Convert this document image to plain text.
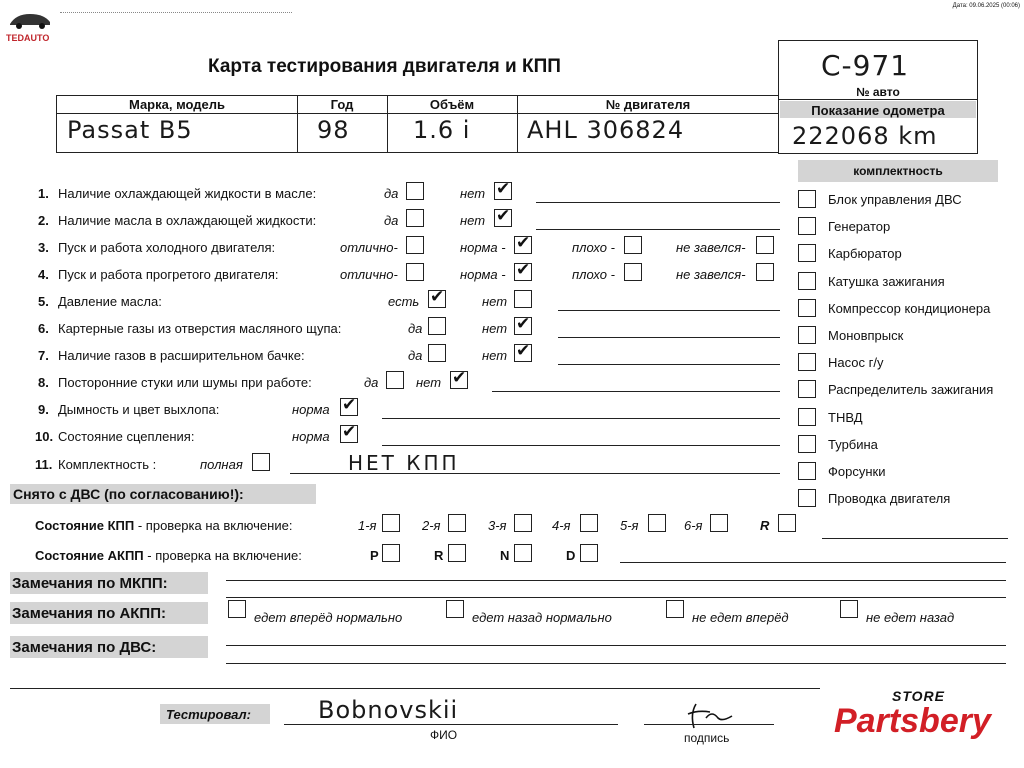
TEDAUTO
Дата: 09.06.2025 (00:06)
Карта тестирования двигателя и КПП	C-971
№ авто
Марка, модель	Год	Объём	№ двигателя
Passat B5	98	1.6 i AHL 306824
Показание одометра
222068 km
1. Наличие охлаждающей жидкости в масле:	да	нет ✔
2. Наличие масла в охлаждающей жидкости:	да	нет ✔
3. Пуск и работа холодного двигателя:	отлично-	норма - ✔	плохо -	не завелся-
4. Пуск и работа прогретого двигателя:	отлично-	норма - ✔	плохо -	не завелся-
5. Давление масла:	есть ✔	нет
6. Картерные газы из отверстия масляного щупа:	да	нет ✔
7. Наличие газов в расширительном бачке:	да	нет ✔
8. Посторонние стуки или шумы при работе:	да	нет ✔
9. Дымность и цвет выхлопа:	норма ✔
10. Состояние сцепления:	норма ✔
11. Комплектность :	полная	НЕТ КПП
комплектность
Блок управления ДВС
Генератор
Карбюратор
Катушка зажигания
Компрессор кондиционера
Моновпрыск
Насос г/у
Распределитель зажигания
ТНВД
Турбина
Форсунки
Проводка двигателя
Снято с ДВС (по согласованию!):
Состояние КПП - проверка на включение:	1-я	2-я	3-я	4-я	5-я	6-я	R
Состояние АКПП - проверка на включение:	P	R	N	D
Замечания по МКПП:
Замечания по АКПП:	едет вперёд нормально	едет назад нормально	не едет вперёд	не едет назад
Замечания по ДВС:
Тестировал:	Bobnovskii
ФИО	подпись
STORE
Partsbery
